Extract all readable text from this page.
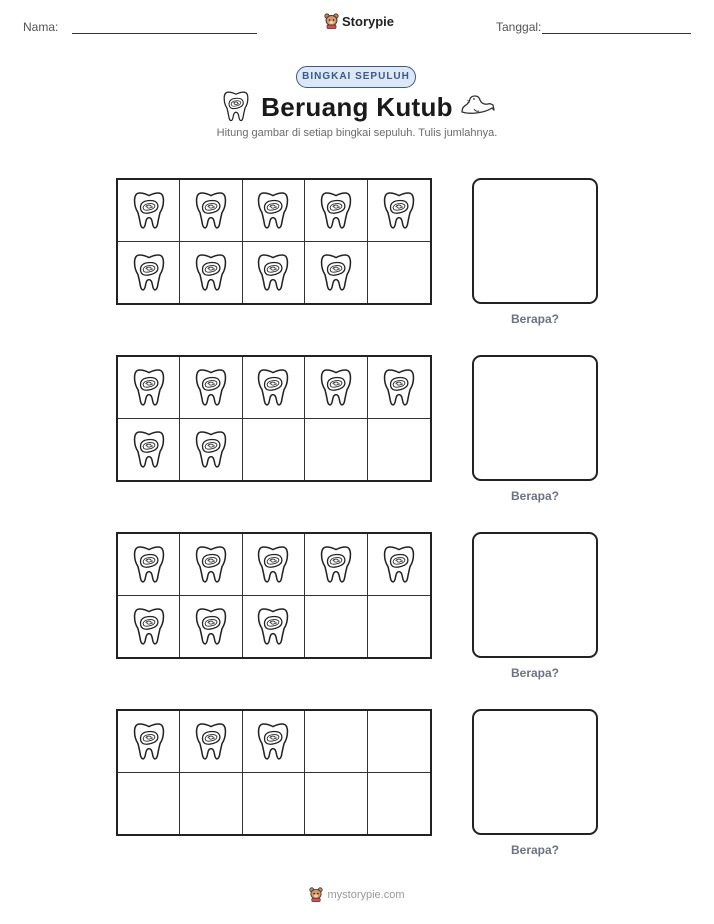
Nama:	Storypie	Tanggal:
BINGKAI SEPULUH
Beruang Kutub
Hitung gambar di setiap bingkai sepuluh. Tulis jumlahnya.
Berapa?
Berapa?
Berapa?
Berapa?
mystorypie.com
